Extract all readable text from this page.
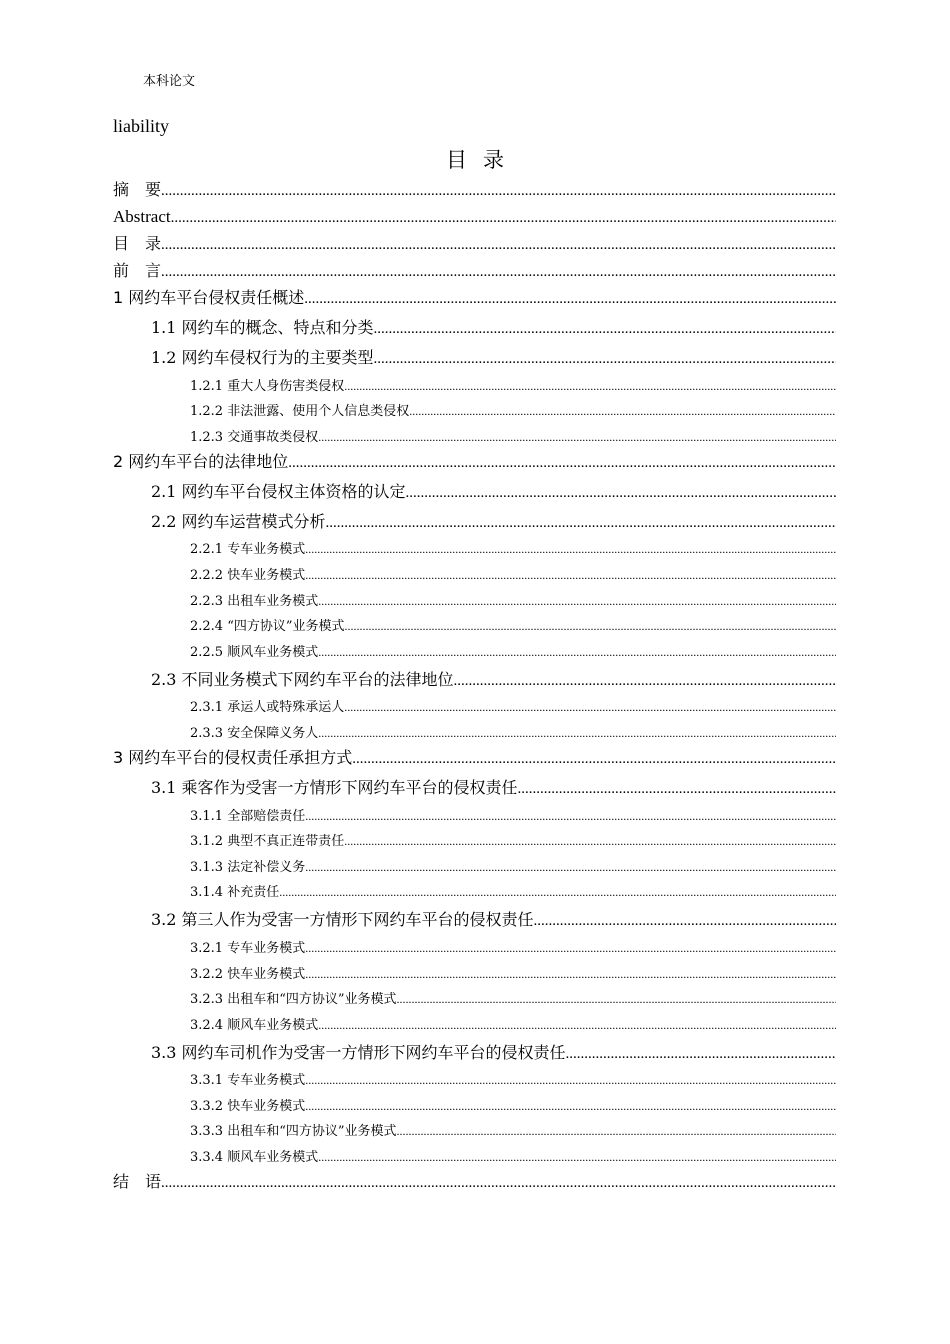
本科论文
liability
目录
摘　要
.....
Abstract
.....
目　录
.....
前　言
.....
1 网约车平台侵权责任概述
.....
1.1 网约车的概念、特点和分类
.....
1.2 网约车侵权行为的主要类型
.....
1.2.1 重大人身伤害类侵权
.....
1.2.2 非法泄露、使用个人信息类侵权
.....
1.2.3 交通事故类侵权
.....
2 网约车平台的法律地位
.....
2.1 网约车平台侵权主体资格的认定
.....
2.2 网约车运营模式分析
.....
2.2.1 专车业务模式
.....
2.2.2 快车业务模式
.....
2.2.3 出租车业务模式
.....
2.2.4 “四方协议”业务模式
.....
2.2.5 顺风车业务模式
.....
2.3 不同业务模式下网约车平台的法律地位
.....
2.3.1 承运人或特殊承运人
.....
2.3.3 安全保障义务人
.....
3 网约车平台的侵权责任承担方式
.....
3.1 乘客作为受害一方情形下网约车平台的侵权责任
.....
3.1.1 全部赔偿责任
.....
3.1.2 典型不真正连带责任
.....
3.1.3 法定补偿义务
.....
3.1.4 补充责任
.....
3.2 第三人作为受害一方情形下网约车平台的侵权责任
.....
3.2.1 专车业务模式
.....
3.2.2 快车业务模式
.....
3.2.3 出租车和“四方协议”业务模式
.....
3.2.4 顺风车业务模式
.....
3.3 网约车司机作为受害一方情形下网约车平台的侵权责任
.....
3.3.1 专车业务模式
.....
3.3.2 快车业务模式
.....
3.3.3 出租车和“四方协议”业务模式
.....
3.3.4 顺风车业务模式
.....
结　语
.....
